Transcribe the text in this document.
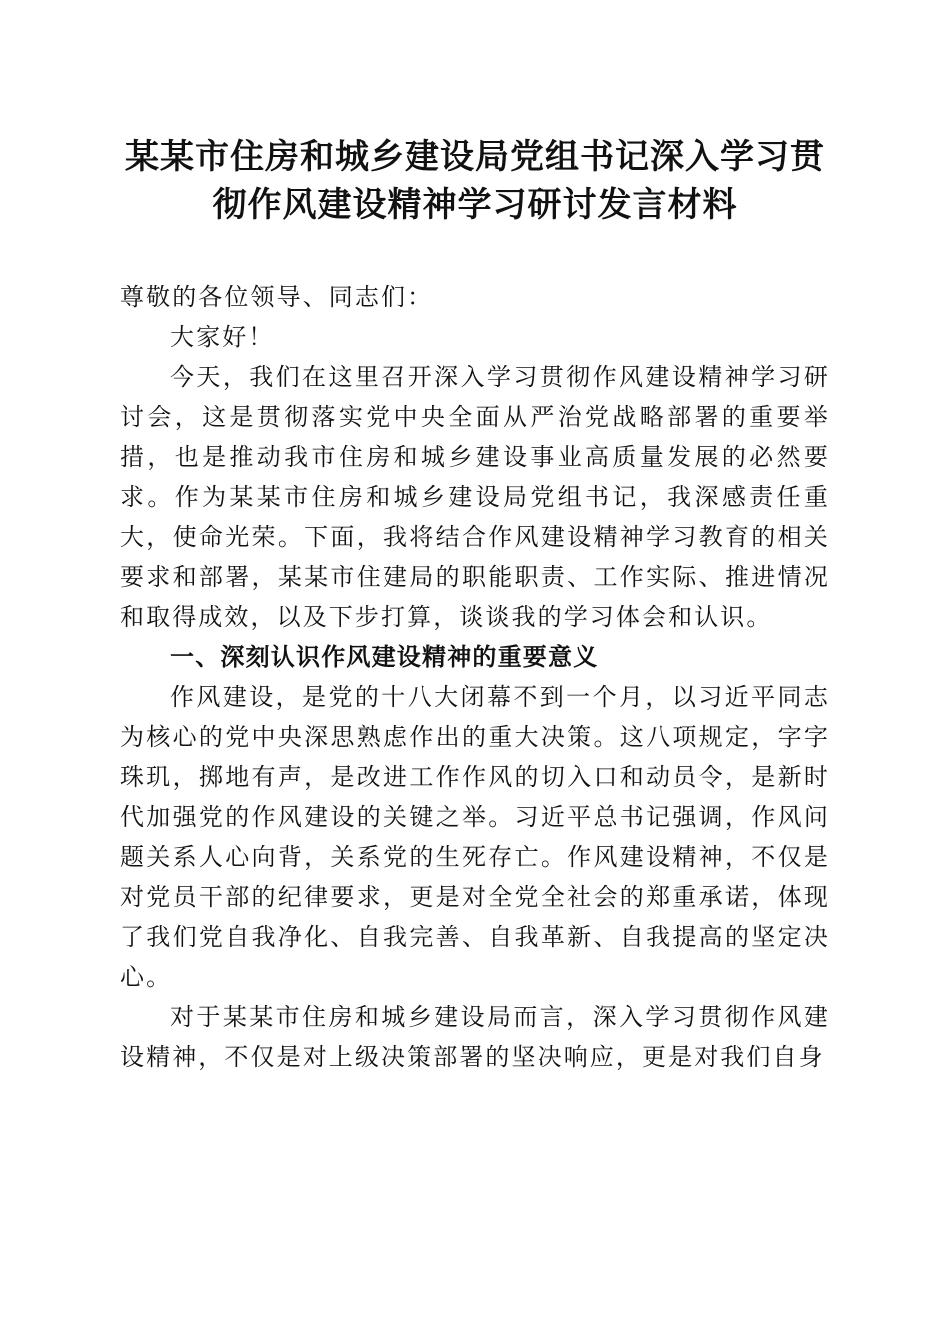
某某市住房和城乡建设局党组书记深入学习贯
彻作风建设精神学习研讨发言材料

尊敬的各位领导、同志们：

大家好！

今天，我们在这里召开深入学习贯彻作风建设精神学习研讨会，这是贯彻落实党中央全面从严治党战略部署的重要举措，也是推动我市住房和城乡建设事业高质量发展的必然要求。作为某某市住房和城乡建设局党组书记，我深感责任重大，使命光荣。下面，我将结合作风建设精神学习教育的相关要求和部署，某某市住建局的职能职责、工作实际、推进情况和取得成效，以及下步打算，谈谈我的学习体会和认识。

一、深刻认识作风建设精神的重要意义

作风建设，是党的十八大闭幕不到一个月，以习近平同志为核心的党中央深思熟虑作出的重大决策。这八项规定，字字珠玑，掷地有声，是改进工作作风的切入口和动员令，是新时代加强党的作风建设的关键之举。习近平总书记强调，作风问题关系人心向背，关系党的生死存亡。作风建设精神，不仅是对党员干部的纪律要求，更是对全党全社会的郑重承诺，体现了我们党自我净化、自我完善、自我革新、自我提高的坚定决心。

对于某某市住房和城乡建设局而言，深入学习贯彻作风建设精神，不仅是对上级决策部署的坚决响应，更是对我们自身
